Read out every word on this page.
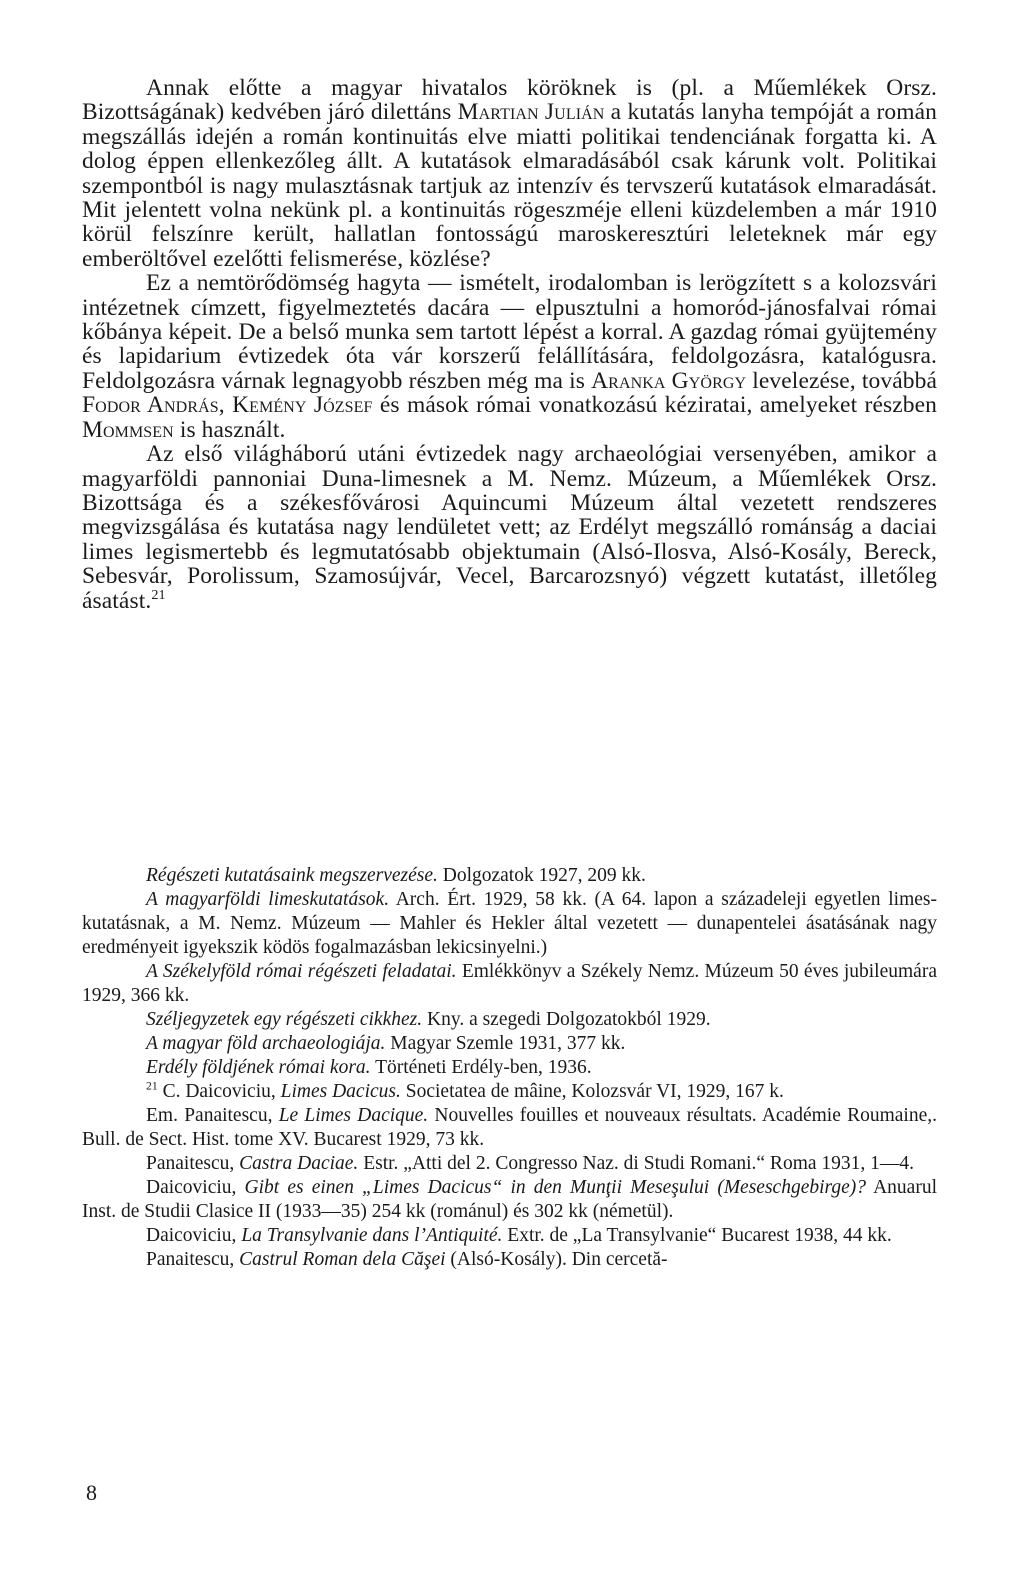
Annak előtte a magyar hivatalos köröknek is (pl. a Műemlékek Orsz. Bizottságának) kedvében járó dilettáns Martian Julián a kutatás lanyha tempóját a román megszállás idején a román kontinuitás elve miatti politikai tendenciának forgatta ki. A dolog éppen ellenkezőleg állt. A kutatások elmaradásából csak kárunk volt. Politikai szempontból is nagy mulasztásnak tartjuk az intenzív és tervszerű kutatások elmaradását. Mit jelentett volna nekünk pl. a kontinuitás rögeszméje elleni küzdelemben a már 1910 körül felszínre került, hallatlan fontosságú maroskeresztúri leleteknek már egy emberöltővel ezelőtti felismerése, közlése?

Ez a nemtörődömség hagyta — ismételt, irodalomban is lerögzített s a kolozsvári intézetnek címzett, figyelmeztetés dacára — elpusztulni a homoród-jánosfalvai római kőbánya képeit. De a belső munka sem tartott lépést a korral. A gazdag római gyüjtemény és lapidarium évtizedek óta vár korszerű felállítására, feldolgozásra, katalógusra. Feldolgozásra várnak legnagyobb részben még ma is Aranka György levelezése, továbbá Fodor András, Kemény József és mások római vonatkozású kéziratai, amelyeket részben Mommsen is használt.

Az első világháború utáni évtizedek nagy archaeológiai versenyében, amikor a magyarföldi pannoniai Duna-limesnek a M. Nemz. Múzeum, a Műemlékek Orsz. Bizottsága és a székesfővárosi Aquincumi Múzeum által vezetett rendszeres megvizsgálása és kutatása nagy lendületet vett; az Erdélyt megszálló románság a daciai limes legismertebb és legmutatósabb objektumain (Alsó-Ilosva, Alsó-Kosály, Bereck, Sebesvár, Porolissum, Szamosújvár, Vecel, Barcarozsnyó) végzett kutatást, illetőleg ásatást.$^{21}$

Régészeti kutatásaink megszervezése. Dolgozatok 1927, 209 kk.

A magyarföldi limeskutatások. Arch. Ért. 1929, 58 kk. (A 64. lapon a századeleji egyetlen limes-kutatásnak, a M. Nemz. Múzeum — Mahler és Hekler által vezetett — dunapentelei ásatásának nagy eredményeit igyekszik ködös fogalmazásban lekicsinyelni.)

A Székelyföld római régészeti feladatai. Emlékkönyv a Székely Nemz. Múzeum 50 éves jubileumára 1929, 366 kk.

Széljegyzetek egy régészeti cikkhez. Kny. a szegedi Dolgozatokból 1929.

A magyar föld archaeologiája. Magyar Szemle 1931, 377 kk.

Erdély földjének római kora. Történeti Erdély-ben, 1936.

$^{21}$ C. Daicoviciu, Limes Dacicus. Societatea de mâine, Kolozsvár VI, 1929, 167 k.

Em. Panaitescu, Le Limes Dacique. Nouvelles fouilles et nouveaux résultats. Académie Roumaine,. Bull. de Sect. Hist. tome XV. Bucarest 1929, 73 kk.

Panaitescu, Castra Daciae. Estr. „Atti del 2. Congresso Naz. di Studi Romani.“ Roma 1931, 1—4.

Daicoviciu, Gibt es einen „Limes Dacicus“ in den Munţii Meseşului (Meseschgebirge)? Anuarul Inst. de Studii Clasice II (1933—35) 254 kk (románul) és 302 kk (németül).

Daicoviciu, La Transylvanie dans l’Antiquité. Extr. de „La Transylvanie“ Bucarest 1938, 44 kk.

Panaitescu, Castrul Roman dela Căşei (Alsó-Kosály). Din cercetă-

8
